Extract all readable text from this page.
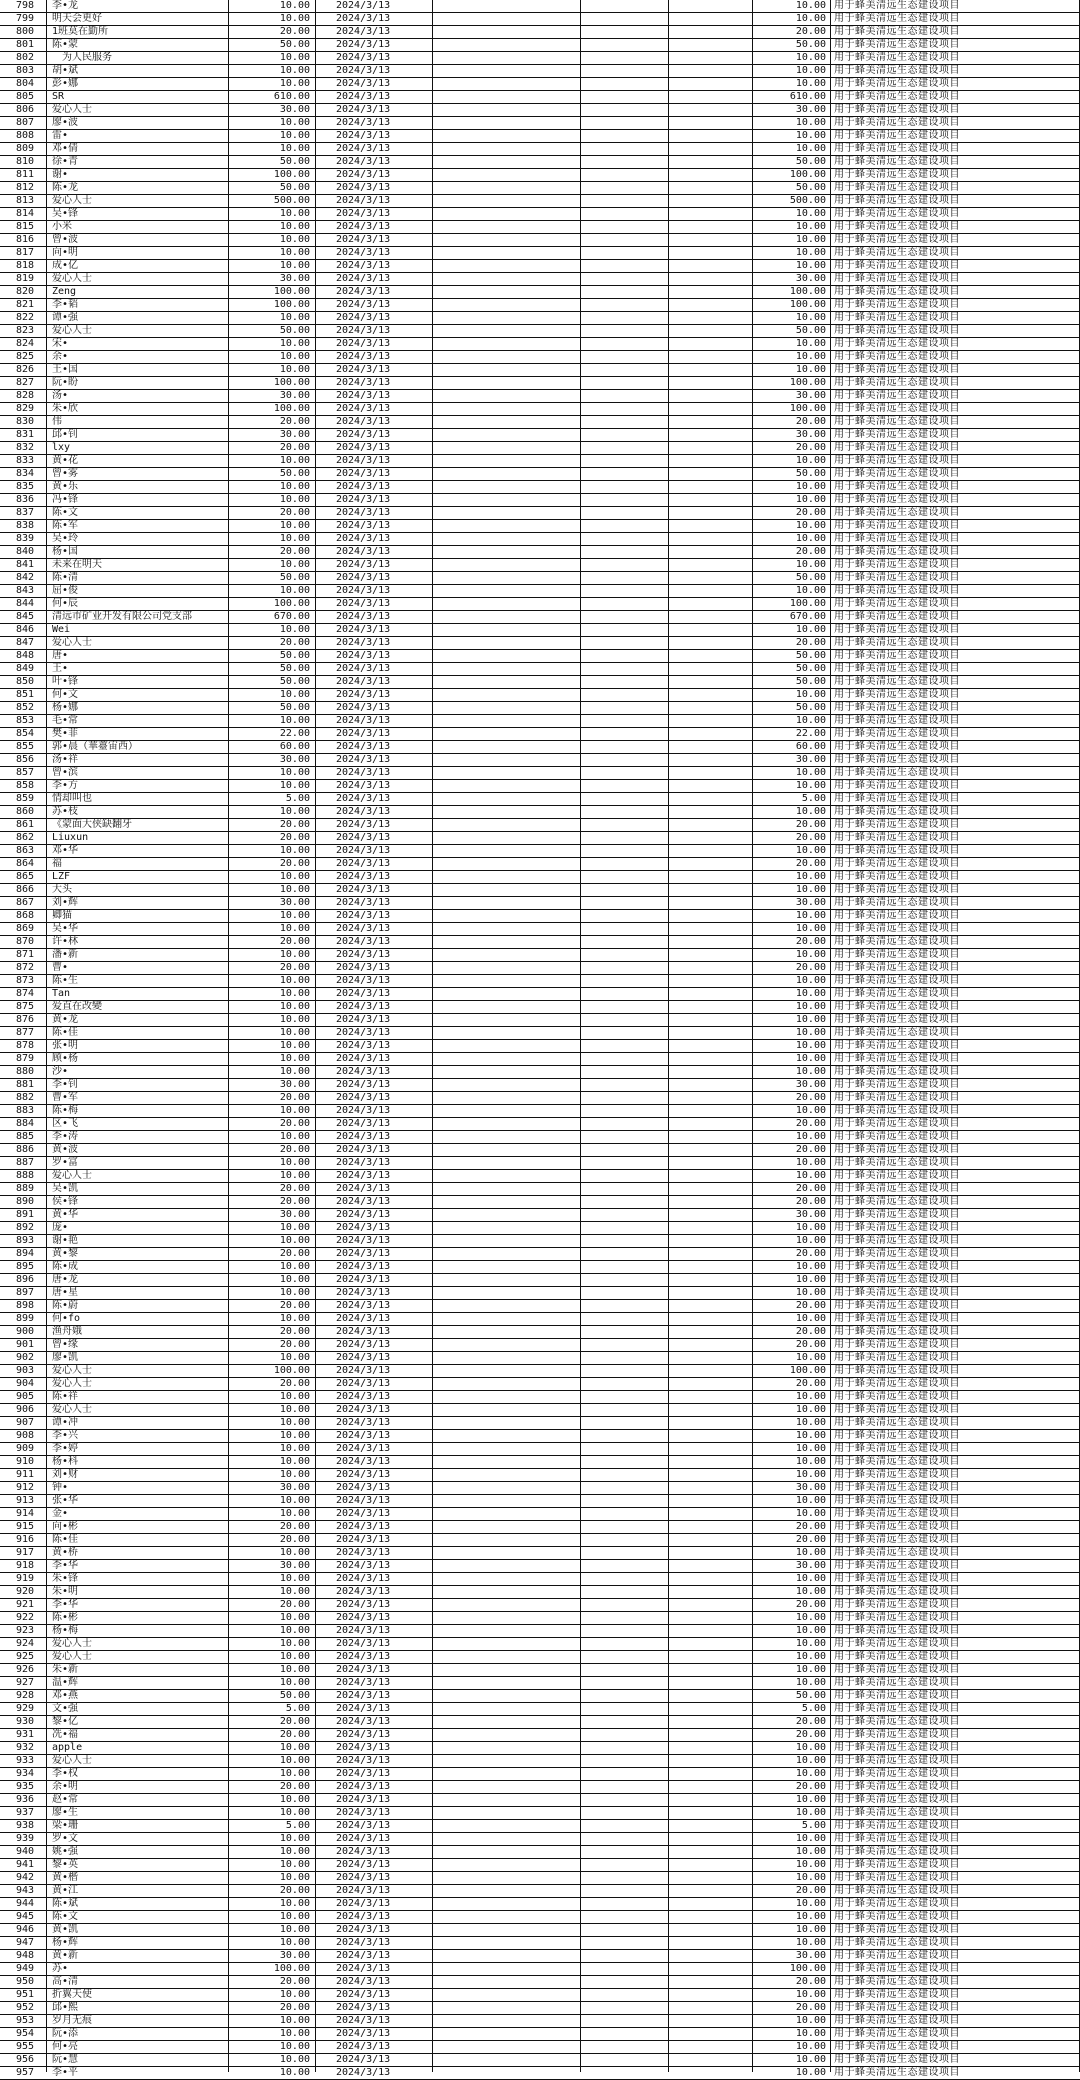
798	李•龙	10.00	2024/3/13	10.00 用于蜂美清远生态建设项目
799	明天会更好	10.00	2024/3/13	10.00 用于蜂美清远生态建设项目
800	1班莫在勤所	20.00	2024/3/13	20.00 用于蜂美清远生态建设项目
801	陈•蒙	50.00	2024/3/13	50.00 用于蜂美清远生态建设项目
802	　为人民服务	10.00	2024/3/13	10.00 用于蜂美清远生态建设项目
803	胡•斌	10.00	2024/3/13	10.00 用于蜂美清远生态建设项目
804	彭•娜	10.00	2024/3/13	10.00 用于蜂美清远生态建设项目
805	SR	610.00	2024/3/13	610.00 用于蜂美清远生态建设项目
806	爱心人士	30.00	2024/3/13	30.00 用于蜂美清远生态建设项目
807	廖•波	10.00	2024/3/13	10.00 用于蜂美清远生态建设项目
808	雷•	10.00	2024/3/13	10.00 用于蜂美清远生态建设项目
809	邓•倩	10.00	2024/3/13	10.00 用于蜂美清远生态建设项目
810	徐•青	50.00	2024/3/13	50.00 用于蜂美清远生态建设项目
811	谢•	100.00	2024/3/13	100.00 用于蜂美清远生态建设项目
812	陈•龙	50.00	2024/3/13	50.00 用于蜂美清远生态建设项目
813	爱心人士	500.00	2024/3/13	500.00 用于蜂美清远生态建设项目
814	吴•锋	10.00	2024/3/13	10.00 用于蜂美清远生态建设项目
815	小米	10.00	2024/3/13	10.00 用于蜂美清远生态建设项目
816	曾•波	10.00	2024/3/13	10.00 用于蜂美清远生态建设项目
817	向•明	10.00	2024/3/13	10.00 用于蜂美清远生态建设项目
818	成•亿	10.00	2024/3/13	10.00 用于蜂美清远生态建设项目
819	爱心人士	30.00	2024/3/13	30.00 用于蜂美清远生态建设项目
820	Zeng	100.00	2024/3/13	100.00 用于蜂美清远生态建设项目
821	李•韬	100.00	2024/3/13	100.00 用于蜂美清远生态建设项目
822	谭•强	10.00	2024/3/13	10.00 用于蜂美清远生态建设项目
823	爱心人士	50.00	2024/3/13	50.00 用于蜂美清远生态建设项目
824	宋•	10.00	2024/3/13	10.00 用于蜂美清远生态建设项目
825	余•	10.00	2024/3/13	10.00 用于蜂美清远生态建设项目
826	王•国	10.00	2024/3/13	10.00 用于蜂美清远生态建设项目
827	阮•盼	100.00	2024/3/13	100.00 用于蜂美清远生态建设项目
828	汤•	30.00	2024/3/13	30.00 用于蜂美清远生态建设项目
829	朱•欣	100.00	2024/3/13	100.00 用于蜂美清远生态建设项目
830	伟	20.00	2024/3/13	20.00 用于蜂美清远生态建设项目
831	邱•钊	30.00	2024/3/13	30.00 用于蜂美清远生态建设项目
832	lxy	20.00	2024/3/13	20.00 用于蜂美清远生态建设项目
833	黄•花	10.00	2024/3/13	10.00 用于蜂美清远生态建设项目
834	曾•雾	50.00	2024/3/13	50.00 用于蜂美清远生态建设项目
835	黄•乐	10.00	2024/3/13	10.00 用于蜂美清远生态建设项目
836	冯•锋	10.00	2024/3/13	10.00 用于蜂美清远生态建设项目
837	陈•文	20.00	2024/3/13	20.00 用于蜂美清远生态建设项目
838	陈•军	10.00	2024/3/13	10.00 用于蜂美清远生态建设项目
839	吴•玲	10.00	2024/3/13	10.00 用于蜂美清远生态建设项目
840	杨•国	20.00	2024/3/13	20.00 用于蜂美清远生态建设项目
841	未来在明天	10.00	2024/3/13	10.00 用于蜂美清远生态建设项目
842	陈•清	50.00	2024/3/13	50.00 用于蜂美清远生态建设项目
843	屈•俊	10.00	2024/3/13	10.00 用于蜂美清远生态建设项目
844	何•辰	100.00	2024/3/13	100.00 用于蜂美清远生态建设项目
845	清远市矿业开发有限公司党支部	670.00	2024/3/13	670.00 用于蜂美清远生态建设项目
846	Wei	10.00	2024/3/13	10.00 用于蜂美清远生态建设项目
847	爱心人士	20.00	2024/3/13	20.00 用于蜂美清远生态建设项目
848	唐•	50.00	2024/3/13	50.00 用于蜂美清远生态建设项目
849	王•	50.00	2024/3/13	50.00 用于蜂美清远生态建设项目
850	叶•锋	50.00	2024/3/13	50.00 用于蜂美清远生态建设项目
851	何•文	10.00	2024/3/13	10.00 用于蜂美清远生态建设项目
852	杨•娜	50.00	2024/3/13	50.00 用于蜂美清远生态建设项目
853	毛•常	10.00	2024/3/13	10.00 用于蜂美清远生态建设项目
854	樊•菲	22.00	2024/3/13	22.00 用于蜂美清远生态建设项目
855	郭•晨（華薹宙西）	60.00	2024/3/13	60.00 用于蜂美清远生态建设项目
856	汤•祥	30.00	2024/3/13	30.00 用于蜂美清远生态建设项目
857	曾•滨	10.00	2024/3/13	10.00 用于蜂美清远生态建设项目
858	李•方	10.00	2024/3/13	10.00 用于蜂美清远生态建设项目
859	情却叫也	5.00	2024/3/13	5.00 用于蜂美清远生态建设项目
860	苏•枝	10.00	2024/3/13	10.00 用于蜂美清远生态建设项目
861	《蒙面大侠缺翻牙	20.00	2024/3/13	20.00 用于蜂美清远生态建设项目
862	Liuxun	20.00	2024/3/13	20.00 用于蜂美清远生态建设项目
863	邓•华	10.00	2024/3/13	10.00 用于蜂美清远生态建设项目
864	福	20.00	2024/3/13	20.00 用于蜂美清远生态建设项目
865	LZF	10.00	2024/3/13	10.00 用于蜂美清远生态建设项目
866	大头	10.00	2024/3/13	10.00 用于蜂美清远生态建设项目
867	刘•辉	30.00	2024/3/13	30.00 用于蜂美清远生态建设项目
868	卿猫	10.00	2024/3/13	10.00 用于蜂美清远生态建设项目
869	吴•华	10.00	2024/3/13	10.00 用于蜂美清远生态建设项目
870	许•林	20.00	2024/3/13	20.00 用于蜂美清远生态建设项目
871	潘•新	10.00	2024/3/13	10.00 用于蜂美清远生态建设项目
872	曹•	20.00	2024/3/13	20.00 用于蜂美清远生态建设项目
873	陈•生	10.00	2024/3/13	10.00 用于蜂美清远生态建设项目
874	Tan	10.00	2024/3/13	10.00 用于蜂美清远生态建设项目
875	爱直在改變	10.00	2024/3/13	10.00 用于蜂美清远生态建设项目
876	黄•龙	10.00	2024/3/13	10.00 用于蜂美清远生态建设项目
877	陈•佳	10.00	2024/3/13	10.00 用于蜂美清远生态建设项目
878	张•明	10.00	2024/3/13	10.00 用于蜂美清远生态建设项目
879	顾•杨	10.00	2024/3/13	10.00 用于蜂美清远生态建设项目
880	沙•	10.00	2024/3/13	10.00 用于蜂美清远生态建设项目
881	李•钊	30.00	2024/3/13	30.00 用于蜂美清远生态建设项目
882	曹•军	20.00	2024/3/13	20.00 用于蜂美清远生态建设项目
883	陈•梅	10.00	2024/3/13	10.00 用于蜂美清远生态建设项目
884	区•飞	20.00	2024/3/13	20.00 用于蜂美清远生态建设项目
885	李•涛	10.00	2024/3/13	10.00 用于蜂美清远生态建设项目
886	黄•波	20.00	2024/3/13	20.00 用于蜂美清远生态建设项目
887	罗•富	10.00	2024/3/13	10.00 用于蜂美清远生态建设项目
888	爱心人士	10.00	2024/3/13	10.00 用于蜂美清远生态建设项目
889	吴•凯	20.00	2024/3/13	20.00 用于蜂美清远生态建设项目
890	侯•锋	20.00	2024/3/13	20.00 用于蜂美清远生态建设项目
891	黄•华	30.00	2024/3/13	30.00 用于蜂美清远生态建设项目
892	庞•	10.00	2024/3/13	10.00 用于蜂美清远生态建设项目
893	谢•艳	10.00	2024/3/13	10.00 用于蜂美清远生态建设项目
894	黄•黎	20.00	2024/3/13	20.00 用于蜂美清远生态建设项目
895	陈•成	10.00	2024/3/13	10.00 用于蜂美清远生态建设项目
896	唐•龙	10.00	2024/3/13	10.00 用于蜂美清远生态建设项目
897	唐•星	10.00	2024/3/13	10.00 用于蜂美清远生态建设项目
898	陈•蔚	20.00	2024/3/13	20.00 用于蜂美清远生态建设项目
899	何•fo	10.00	2024/3/13	10.00 用于蜂美清远生态建设项目
900	渔舟娥	20.00	2024/3/13	20.00 用于蜂美清远生态建设项目
901	曾•缘	20.00	2024/3/13	20.00 用于蜂美清远生态建设项目
902	廖•凯	10.00	2024/3/13	10.00 用于蜂美清远生态建设项目
903	爱心人士	100.00	2024/3/13	100.00 用于蜂美清远生态建设项目
904	爱心人士	20.00	2024/3/13	20.00 用于蜂美清远生态建设项目
905	陈•祥	10.00	2024/3/13	10.00 用于蜂美清远生态建设项目
906	爱心人士	10.00	2024/3/13	10.00 用于蜂美清远生态建设项目
907	谭•冲	10.00	2024/3/13	10.00 用于蜂美清远生态建设项目
908	李•兴	10.00	2024/3/13	10.00 用于蜂美清远生态建设项目
909	李•婷	10.00	2024/3/13	10.00 用于蜂美清远生态建设项目
910	杨•科	10.00	2024/3/13	10.00 用于蜂美清远生态建设项目
911	刘•财	10.00	2024/3/13	10.00 用于蜂美清远生态建设项目
912	钟•	30.00	2024/3/13	30.00 用于蜂美清远生态建设项目
913	张•华	10.00	2024/3/13	10.00 用于蜂美清远生态建设项目
914	金•	10.00	2024/3/13	10.00 用于蜂美清远生态建设项目
915	向•彬	20.00	2024/3/13	20.00 用于蜂美清远生态建设项目
916	陈•佳	20.00	2024/3/13	20.00 用于蜂美清远生态建设项目
917	黄•桥	10.00	2024/3/13	10.00 用于蜂美清远生态建设项目
918	李•华	30.00	2024/3/13	30.00 用于蜂美清远生态建设项目
919	朱•锋	10.00	2024/3/13	10.00 用于蜂美清远生态建设项目
920	朱•明	10.00	2024/3/13	10.00 用于蜂美清远生态建设项目
921	李•华	20.00	2024/3/13	20.00 用于蜂美清远生态建设项目
922	陈•彬	10.00	2024/3/13	10.00 用于蜂美清远生态建设项目
923	杨•梅	10.00	2024/3/13	10.00 用于蜂美清远生态建设项目
924	爱心人士	10.00	2024/3/13	10.00 用于蜂美清远生态建设项目
925	爱心人士	10.00	2024/3/13	10.00 用于蜂美清远生态建设项目
926	朱•新	10.00	2024/3/13	10.00 用于蜂美清远生态建设项目
927	温•辉	10.00	2024/3/13	10.00 用于蜂美清远生态建设项目
928	邓•燕	50.00	2024/3/13	50.00 用于蜂美清远生态建设项目
929	文•强	5.00	2024/3/13	5.00 用于蜂美清远生态建设项目
930	黎•亿	20.00	2024/3/13	20.00 用于蜂美清远生态建设项目
931	冼•福	20.00	2024/3/13	20.00 用于蜂美清远生态建设项目
932	apple	10.00	2024/3/13	10.00 用于蜂美清远生态建设项目
933	爱心人士	10.00	2024/3/13	10.00 用于蜂美清远生态建设项目
934	李•权	10.00	2024/3/13	10.00 用于蜂美清远生态建设项目
935	余•明	20.00	2024/3/13	20.00 用于蜂美清远生态建设项目
936	赵•常	10.00	2024/3/13	10.00 用于蜂美清远生态建设项目
937	廖•生	10.00	2024/3/13	10.00 用于蜂美清远生态建设项目
938	梁•珊	5.00	2024/3/13	5.00 用于蜂美清远生态建设项目
939	罗•文	10.00	2024/3/13	10.00 用于蜂美清远生态建设项目
940	姚•强	10.00	2024/3/13	10.00 用于蜂美清远生态建设项目
941	黎•英	10.00	2024/3/13	10.00 用于蜂美清远生态建设项目
942	黄•楷	10.00	2024/3/13	10.00 用于蜂美清远生态建设项目
943	黄•江	20.00	2024/3/13	20.00 用于蜂美清远生态建设项目
944	陈•斌	10.00	2024/3/13	10.00 用于蜂美清远生态建设项目
945	陈•文	10.00	2024/3/13	10.00 用于蜂美清远生态建设项目
946	黄•凯	10.00	2024/3/13	10.00 用于蜂美清远生态建设项目
947	杨•辉	10.00	2024/3/13	10.00 用于蜂美清远生态建设项目
948	黄•新	30.00	2024/3/13	30.00 用于蜂美清远生态建设项目
949	苏•	100.00	2024/3/13	100.00 用于蜂美清远生态建设项目
950	高•清	20.00	2024/3/13	20.00 用于蜂美清远生态建设项目
951	折翼天使	10.00	2024/3/13	10.00 用于蜂美清远生态建设项目
952	邱•熙	20.00	2024/3/13	20.00 用于蜂美清远生态建设项目
953	岁月无痕	10.00	2024/3/13	10.00 用于蜂美清远生态建设项目
954	阮•添	10.00	2024/3/13	10.00 用于蜂美清远生态建设项目
955	何•亮	10.00	2024/3/13	10.00 用于蜂美清远生态建设项目
956	阮•慧	10.00	2024/3/13	10.00 用于蜂美清远生态建设项目
957	李•平	10.00	2024/3/13	10.00 用于蜂美清远生态建设项目
